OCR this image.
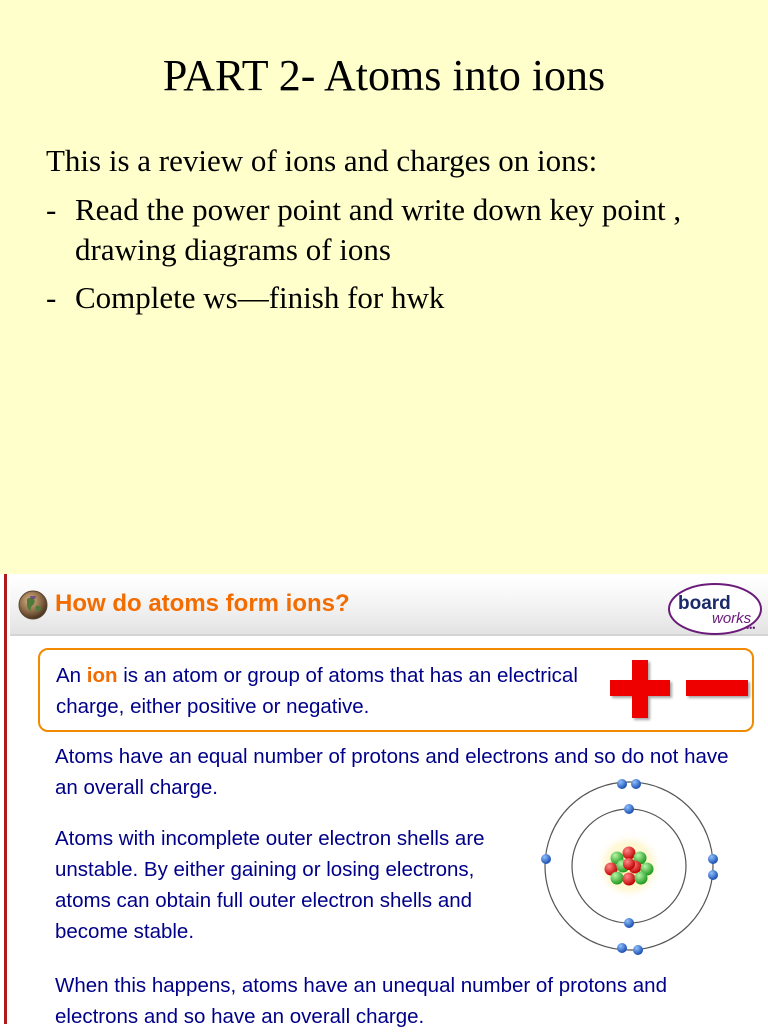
PART 2- Atoms into ions
This is a review of ions and charges on ions:
- Read the power point and write down key point , drawing diagrams of ions
- Complete ws—finish for hwk
How do atoms form ions?	board
works
•••
An ion is an atom or group of atoms that has an electrical charge, either positive or negative.

Atoms have an equal number of protons and electrons and so do not have an overall charge.

Atoms with incomplete outer electron shells are unstable. By either gaining or losing electrons, atoms can obtain full outer electron shells and become stable.

When this happens, atoms have an unequal number of protons and electrons and so have an overall charge.
